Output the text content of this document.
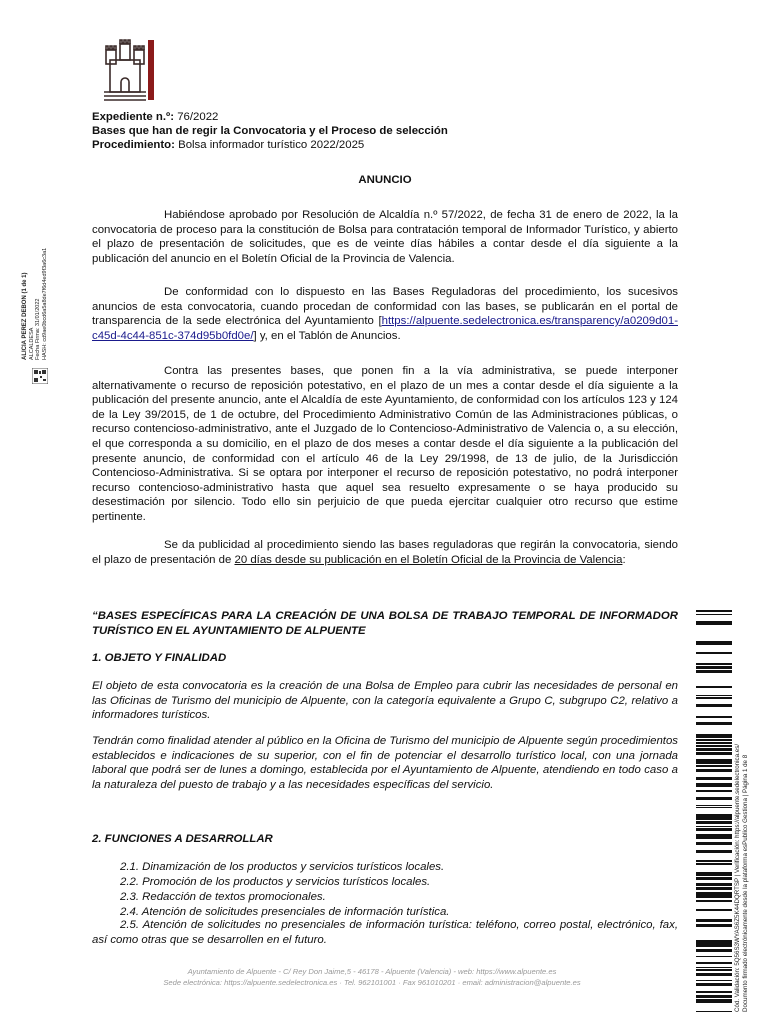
Expediente n.º: 76/2022

Bases que han de regir la Convocatoria y el Proceso de selección

Procedimiento: Bolsa informador turístico 2022/2025

ANUNCIO
Habiéndose aprobado por Resolución de Alcaldía n.º 57/2022, de fecha 31 de enero de 2022, la la convocatoria de proceso para la constitución de Bolsa para contratación temporal de Informador Turístico, y abierto el plazo de presentación de solicitudes, que es de veinte días hábiles a contar desde el día siguiente a la publicación del anuncio en el Boletín Oficial de la Provincia de Valencia.
De conformidad con lo dispuesto en las Bases Reguladoras del procedimiento, los sucesivos anuncios de esta convocatoria, cuando procedan de conformidad con las bases, se publicarán en el portal de transparencia de la sede electrónica del Ayuntamiento [https://alpuente.sedelectronica.es/transparency/a0209d01-c45d-4c44-851c-374d95b0fd0e/] y, en el Tablón de Anuncios.
Contra las presentes bases, que ponen fin a la vía administrativa, se puede interponer alternativamente o recurso de reposición potestativo, en el plazo de un mes a contar desde el día siguiente a la publicación del presente anuncio, ante el Alcaldía de este Ayuntamiento, de conformidad con los artículos 123 y 124 de la Ley 39/2015, de 1 de octubre, del Procedimiento Administrativo Común de las Administraciones públicas, o recurso contencioso-administrativo, ante el Juzgado de lo Contencioso-Administrativo de Valencia o, a su elección, el que corresponda a su domicilio, en el plazo de dos meses a contar desde el día siguiente a la publicación del presente anuncio, de conformidad con el artículo 46 de la Ley 29/1998, de 13 de julio, de la Jurisdicción Contencioso-Administrativa. Si se optara por interponer el recurso de reposición potestativo, no podrá interponer recurso contencioso-administrativo hasta que aquel sea resuelto expresamente o se haya producido su desestimación por silencio. Todo ello sin perjuicio de que pueda ejercitar cualquier otro recurso que estime pertinente.
Se da publicidad al procedimiento siendo las bases reguladoras que regirán la convocatoria, siendo el plazo de presentación de 20 días desde su publicación en el Boletín Oficial de la Provincia de Valencia:
“BASES ESPECÍFICAS PARA LA CREACIÓN DE UNA BOLSA DE TRABAJO TEMPORAL DE INFORMADOR TURÍSTICO EN EL AYUNTAMIENTO DE ALPUENTE
1. OBJETO Y FINALIDAD
El objeto de esta convocatoria es la creación de una Bolsa de Empleo para cubrir las necesidades de personal en las Oficinas de Turismo del municipio de Alpuente, con la categoría equivalente a Grupo C, subgrupo C2, relativo a informadores turísticos.
Tendrán como finalidad atender al público en la Oficina de Turismo del municipio de Alpuente según procedimientos establecidos e indicaciones de su superior, con el fin de potenciar el desarrollo turístico local, con una jornada laboral que podrá ser de lunes a domingo, establecida por el Ayuntamiento de Alpuente, atendiendo en todo caso a la naturaleza del puesto de trabajo y a las necesidades específicas del servicio.
2. FUNCIONES A DESARROLLAR
2.1. Dinamización de los productos y servicios turísticos locales.
2.2. Promoción de los productos y servicios turísticos locales.
2.3. Redacción de textos promocionales.
2.4. Atención de solicitudes presenciales de información turística.
2.5. Atención de solicitudes no presenciales de información turística: teléfono, correo postal, electrónico, fax, así como otras que se desarrollen en el futuro.
Ayuntamiento de Alpuente - C/ Rey Don Jaime,5 - 46178 - Alpuente (Valencia) - web: https://www.alpuente.es
Sede electrónica: https://alpuente.sedelectronica.es · Tel. 962101001 · Fax 961010201 · email: administracion@alpuente.es
ALICIA PEREZ DEBON (1 de 1) ALCALDESA Fecha Firma: 31/01/2022 HASH: cd9ae0bcd6a5a8de7f6d4ed9f3a6c3a1
Cód. Validación: 5Q56S3WYAS6Z5K44DQRTSP | Verificación: https://alpuente.sedelectronica.es/ Documento firmado electrónicamente desde la plataforma esPublico Gestiona | Página 1 de 8
